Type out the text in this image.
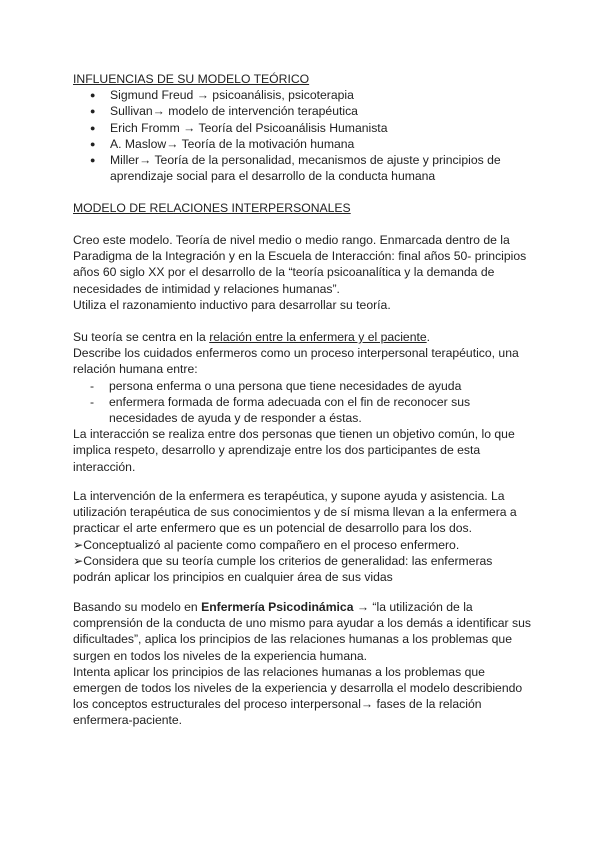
INFLUENCIAS DE SU MODELO TEÓRICO

● Sigmund Freud → psicoanálisis, psicoterapia
● Sullivan→ modelo de intervención terapéutica
● Erich Fromm → Teoría del Psicoanálisis Humanista
● A. Maslow→ Teoría de la motivación humana
● Miller→ Teoría de la personalidad, mecanismos de ajuste y principios de aprendizaje social para el desarrollo de la conducta humana

MODELO DE RELACIONES INTERPERSONALES

Creo este modelo. Teoría de nivel medio o medio rango. Enmarcada dentro de la Paradigma de la Integración y en la Escuela de Interacción: final años 50- principios años 60 siglo XX por el desarrollo de la “teoría psicoanalítica y la demanda de necesidades de intimidad y relaciones humanas”.

Utiliza el razonamiento inductivo para desarrollar su teoría.

Su teoría se centra en la relación entre la enfermera y el paciente.

Describe los cuidados enfermeros como un proceso interpersonal terapéutico, una relación humana entre:

- persona enferma o una persona que tiene necesidades de ayuda
- enfermera formada de forma adecuada con el fin de reconocer sus necesidades de ayuda y de responder a éstas.

La interacción se realiza entre dos personas que tienen un objetivo común, lo que implica respeto, desarrollo y aprendizaje entre los dos participantes de esta interacción.

La intervención de la enfermera es terapéutica, y supone ayuda y asistencia. La utilización terapéutica de sus conocimientos y de sí misma llevan a la enfermera a practicar el arte enfermero que es un potencial de desarrollo para los dos.

➢Conceptualizó al paciente como compañero en el proceso enfermero.

➢Considera que su teoría cumple los criterios de generalidad: las enfermeras podrán aplicar los principios en cualquier área de sus vidas

Basando su modelo en Enfermería Psicodinámica → “la utilización de la comprensión de la conducta de uno mismo para ayudar a los demás a identificar sus dificultades”, aplica los principios de las relaciones humanas a los problemas que surgen en todos los niveles de la experiencia humana.

Intenta aplicar los principios de las relaciones humanas a los problemas que emergen de todos los niveles de la experiencia y desarrolla el modelo describiendo los conceptos estructurales del proceso interpersonal→ fases de la relación enfermera-paciente.
